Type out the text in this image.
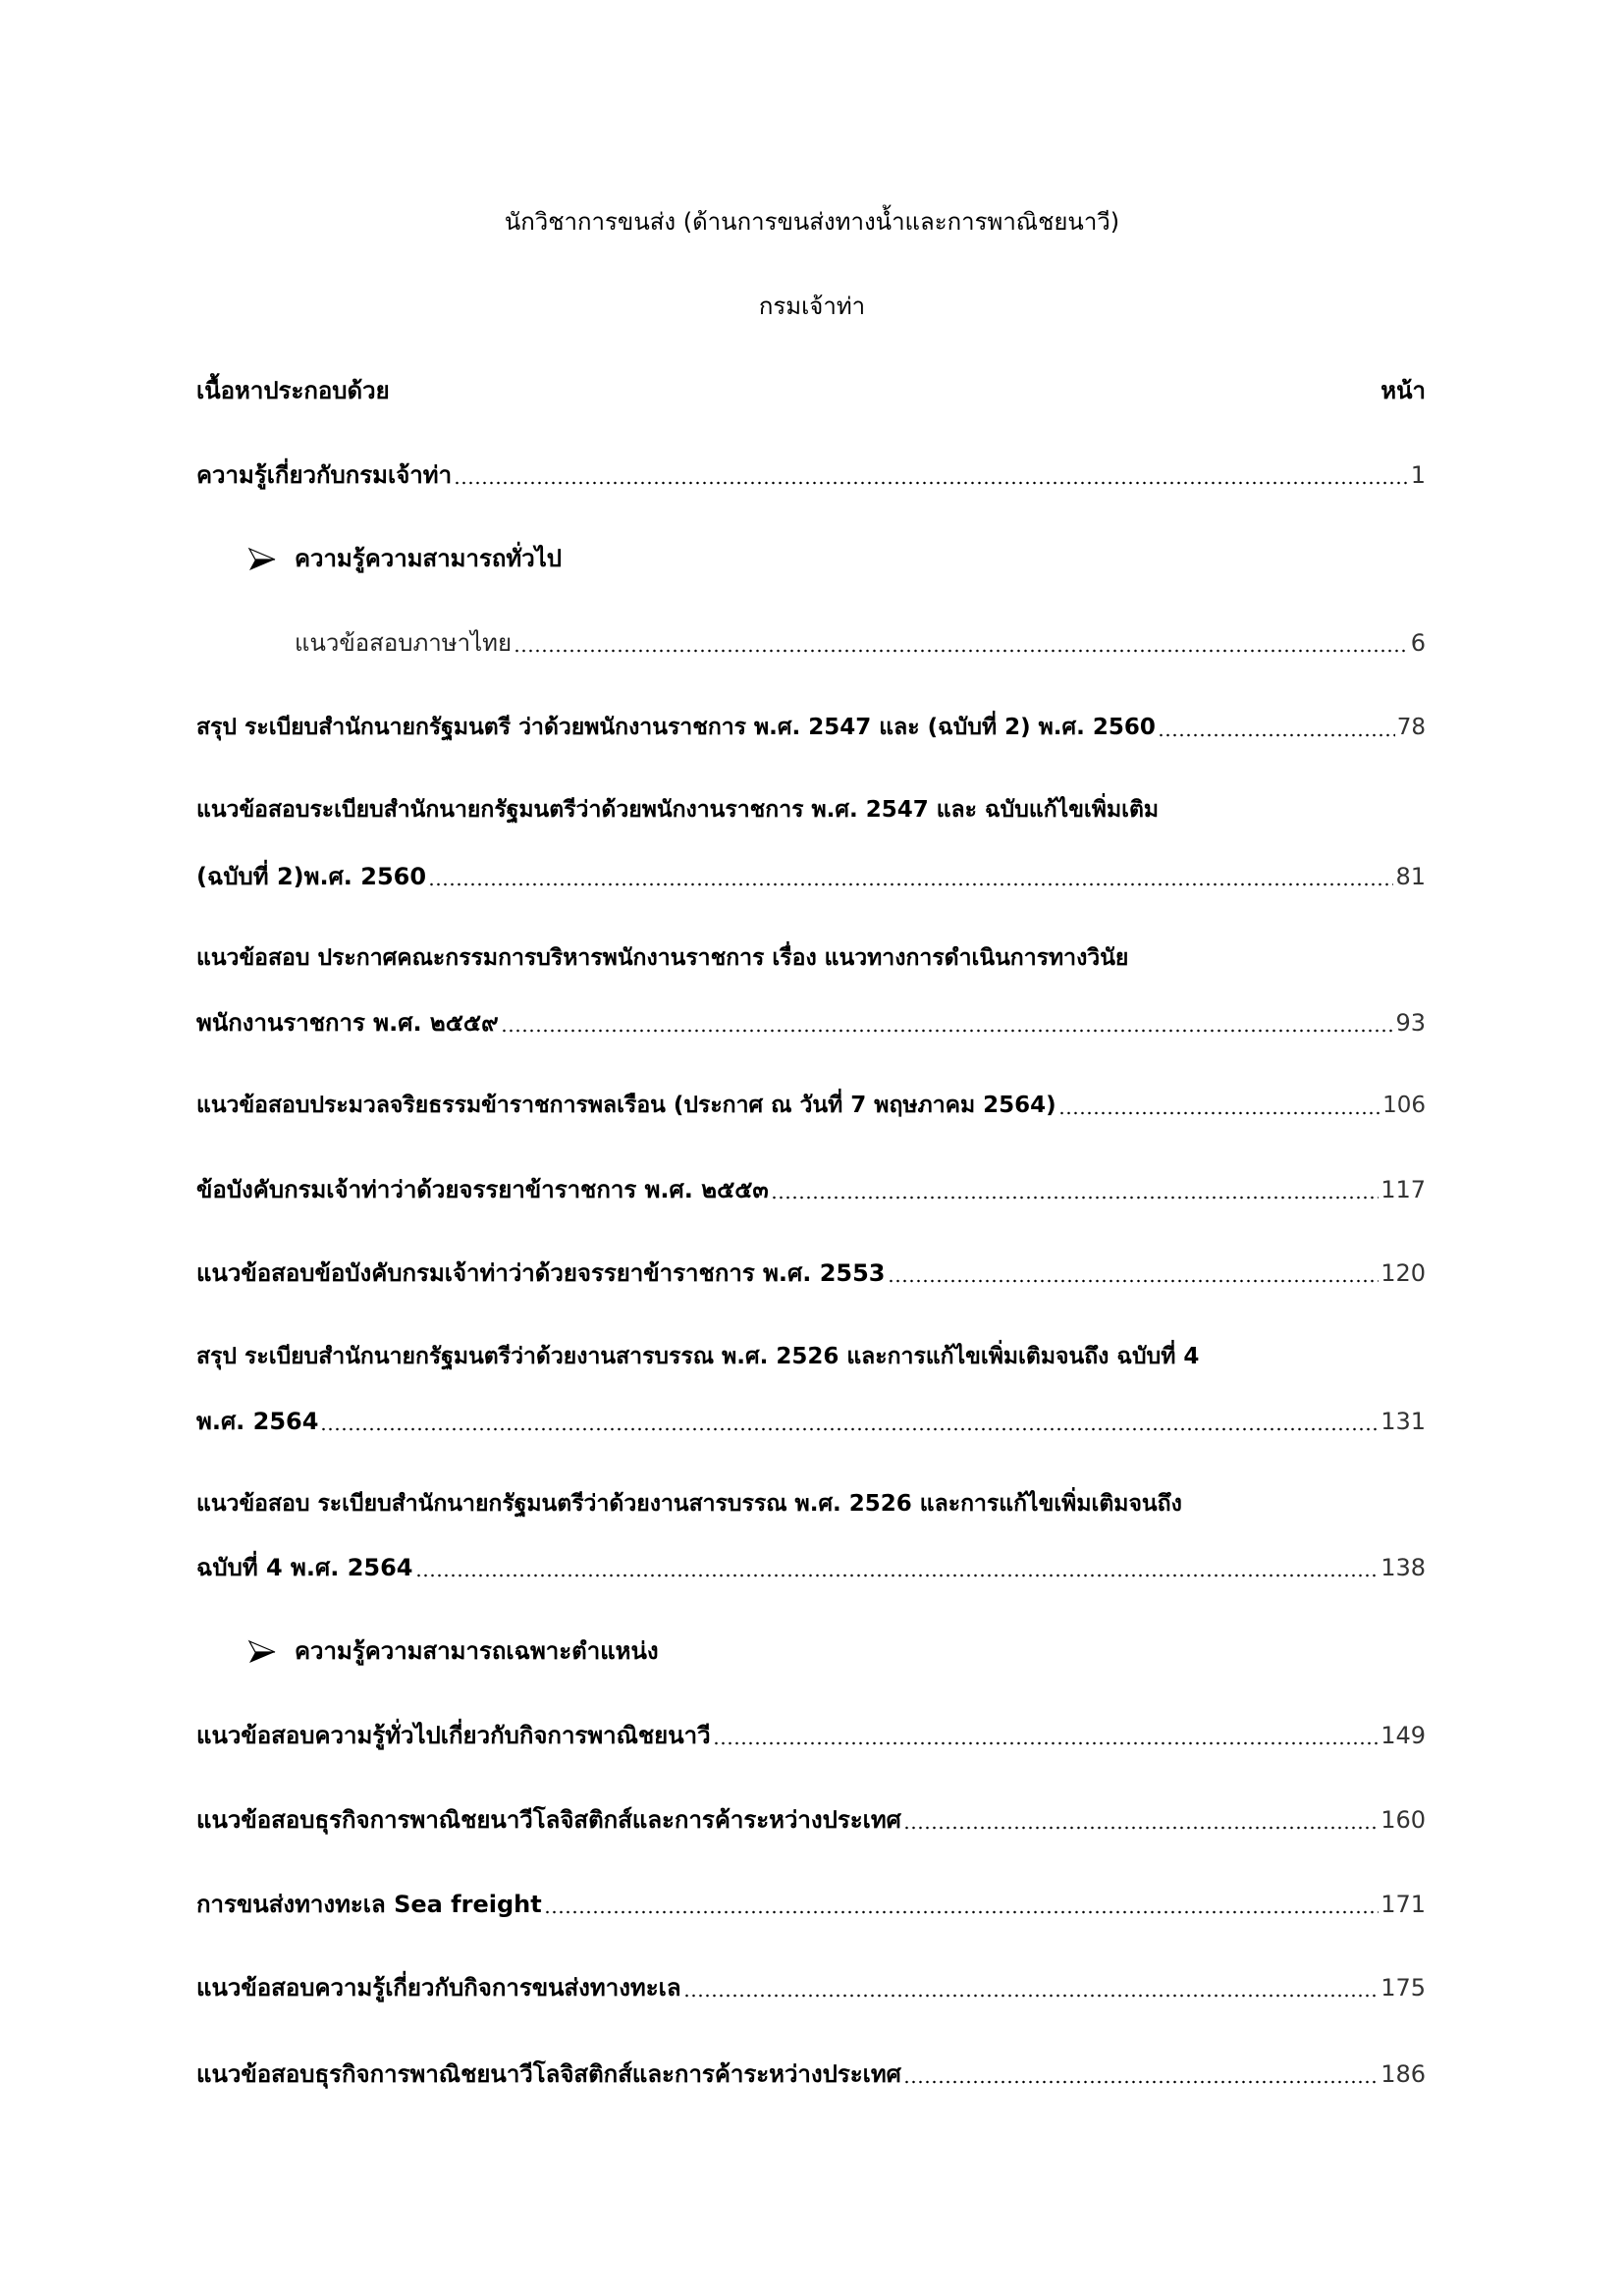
นักวิชาการขนส่ง (ด้านการขนส่งทางน้ำและการพาณิชยนาวี)
กรมเจ้าท่า
เนื้อหาประกอบด้วย	หน้า
ความรู้เกี่ยวกับกรมเจ้าท่า	1
ความรู้ความสามารถทั่วไป
แนวข้อสอบภาษาไทย	6
สรุป ระเบียบสำนักนายกรัฐมนตรี ว่าด้วยพนักงานราชการ พ.ศ. 2547 และ (ฉบับที่ 2) พ.ศ. 2560	78
แนวข้อสอบระเบียบสำนักนายกรัฐมนตรีว่าด้วยพนักงานราชการ พ.ศ. 2547 และ ฉบับแก้ไขเพิ่มเติม
(ฉบับที่ 2)พ.ศ. 2560	81
แนวข้อสอบ ประกาศคณะกรรมการบริหารพนักงานราชการ เรื่อง แนวทางการดำเนินการทางวินัย
พนักงานราชการ พ.ศ. ๒๕๕๙	93
แนวข้อสอบประมวลจริยธรรมข้าราชการพลเรือน (ประกาศ ณ วันที่ 7 พฤษภาคม 2564)	106
ข้อบังคับกรมเจ้าท่าว่าด้วยจรรยาข้าราชการ พ.ศ. ๒๕๕๓	117
แนวข้อสอบข้อบังคับกรมเจ้าท่าว่าด้วยจรรยาข้าราชการ พ.ศ. 2553	120
สรุป ระเบียบสำนักนายกรัฐมนตรีว่าด้วยงานสารบรรณ พ.ศ. 2526 และการแก้ไขเพิ่มเติมจนถึง ฉบับที่ 4
พ.ศ. 2564	131
แนวข้อสอบ ระเบียบสำนักนายกรัฐมนตรีว่าด้วยงานสารบรรณ พ.ศ. 2526 และการแก้ไขเพิ่มเติมจนถึง
ฉบับที่ 4 พ.ศ. 2564	138
ความรู้ความสามารถเฉพาะตำแหน่ง
แนวข้อสอบความรู้ทั่วไปเกี่ยวกับกิจการพาณิชยนาวี	149
แนวข้อสอบธุรกิจการพาณิชยนาวีโลจิสติกส์และการค้าระหว่างประเทศ	160
การขนส่งทางทะเล Sea freight	171
แนวข้อสอบความรู้เกี่ยวกับกิจการขนส่งทางทะเล	175
แนวข้อสอบธุรกิจการพาณิชยนาวีโลจิสติกส์และการค้าระหว่างประเทศ	186
